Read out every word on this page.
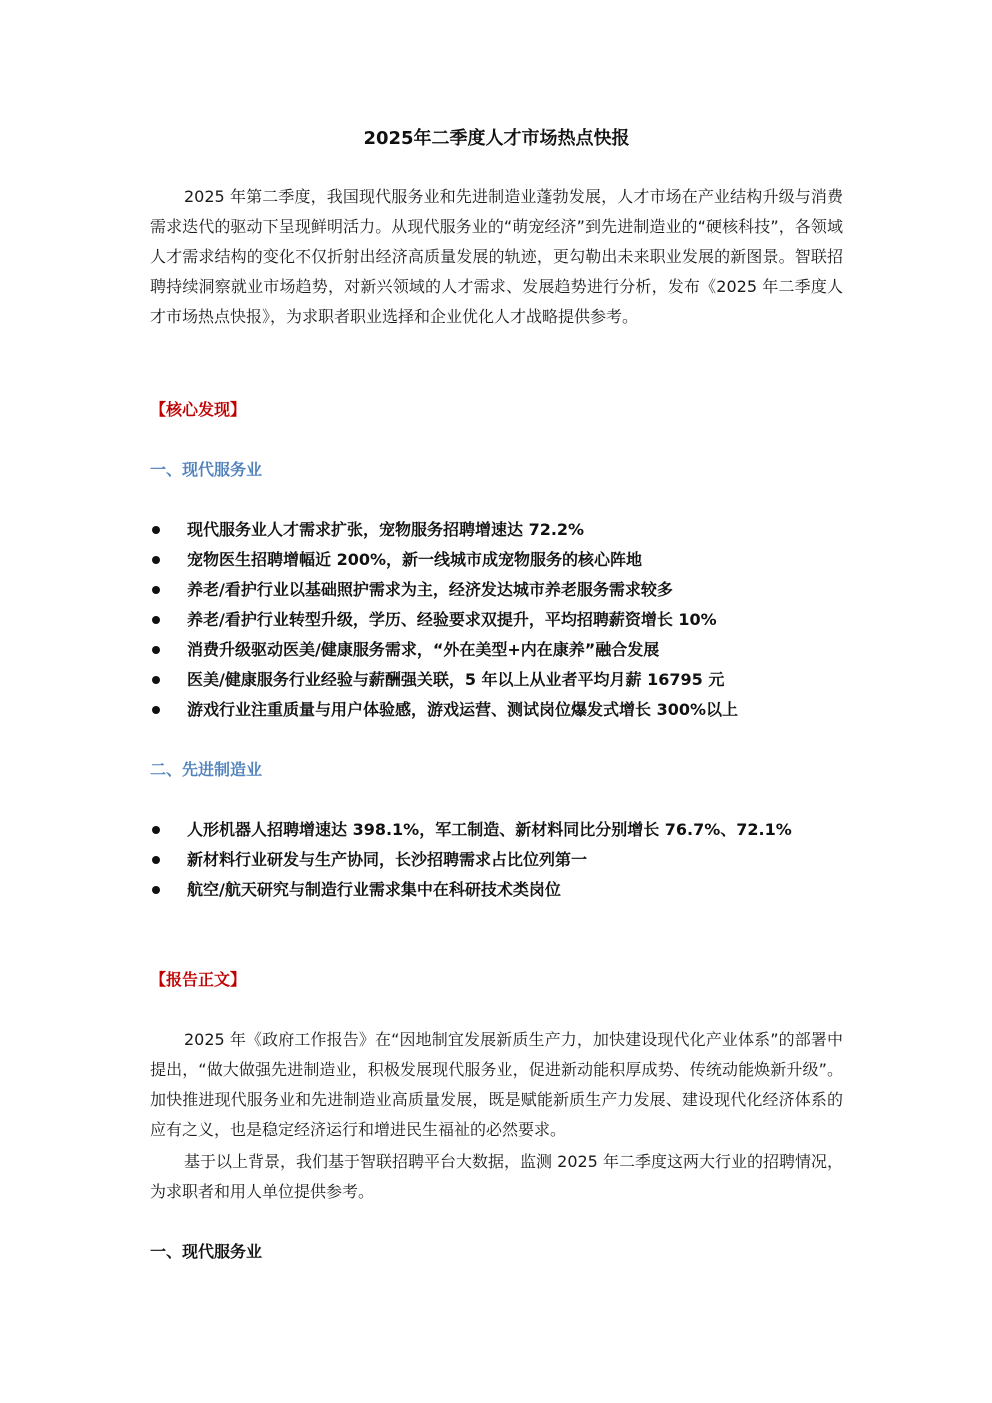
2025年二季度人才市场热点快报

2025 年第二季度，我国现代服务业和先进制造业蓬勃发展，人才市场在产业结构升级与消费需求迭代的驱动下呈现鲜明活力。从现代服务业的“萌宠经济”到先进制造业的“硬核科技”，各领域人才需求结构的变化不仅折射出经济高质量发展的轨迹，更勾勒出未来职业发展的新图景。智联招聘持续洞察就业市场趋势，对新兴领域的人才需求、发展趋势进行分析，发布《2025 年二季度人才市场热点快报》，为求职者职业选择和企业优化人才战略提供参考。

【核心发现】
一、现代服务业
现代服务业人才需求扩张，宠物服务招聘增速达 72.2%
宠物医生招聘增幅近 200%，新一线城市成宠物服务的核心阵地
养老/看护行业以基础照护需求为主，经济发达城市养老服务需求较多
养老/看护行业转型升级，学历、经验要求双提升，平均招聘薪资增长 10%
消费升级驱动医美/健康服务需求，“外在美型+内在康养”融合发展
医美/健康服务行业经验与薪酬强关联，5 年以上从业者平均月薪 16795 元
游戏行业注重质量与用户体验感，游戏运营、测试岗位爆发式增长 300%以上
二、先进制造业
人形机器人招聘增速达 398.1%，军工制造、新材料同比分别增长 76.7%、72.1%
新材料行业研发与生产协同，长沙招聘需求占比位列第一
航空/航天研究与制造行业需求集中在科研技术类岗位
【报告正文】

2025 年《政府工作报告》在“因地制宜发展新质生产力，加快建设现代化产业体系”的部署中提出，“做大做强先进制造业，积极发展现代服务业，促进新动能积厚成势、传统动能焕新升级”。加快推进现代服务业和先进制造业高质量发展，既是赋能新质生产力发展、建设现代化经济体系的应有之义，也是稳定经济运行和增进民生福祉的必然要求。

基于以上背景，我们基于智联招聘平台大数据，监测 2025 年二季度这两大行业的招聘情况，为求职者和用人单位提供参考。

一、现代服务业
